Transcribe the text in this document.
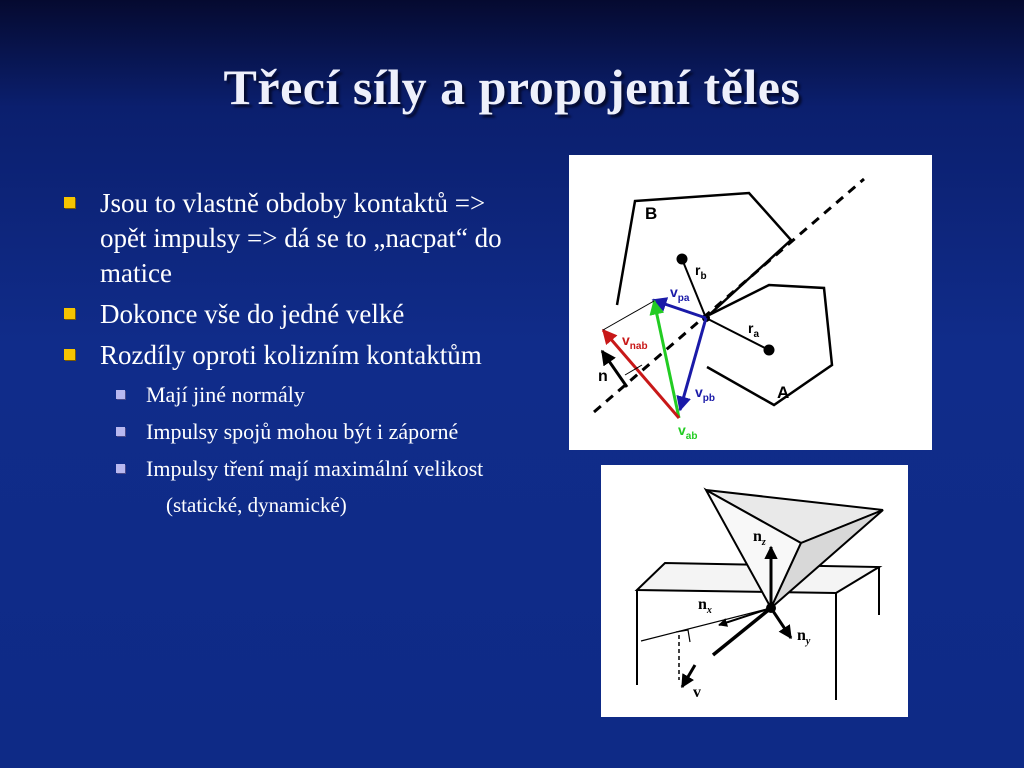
Třecí síly a propojení těles
Jsou to vlastně obdoby kontaktů => opět impulsy => dá se to „nacpat“ do matice
Dokonce vše do jedné velké
Rozdíly oproti kolizním kontaktům
Mají jiné normály
Impulsy spojů mohou být i záporné
Impulsy tření mají maximální velikost
(statické, dynamické)
B
A
$r_b$
$r_a$
$v_{pa}$
$v_{pb}$
$v_{nab}$
$v_{ab}$
n
$n_z$
$n_x$
$n_y$
v
